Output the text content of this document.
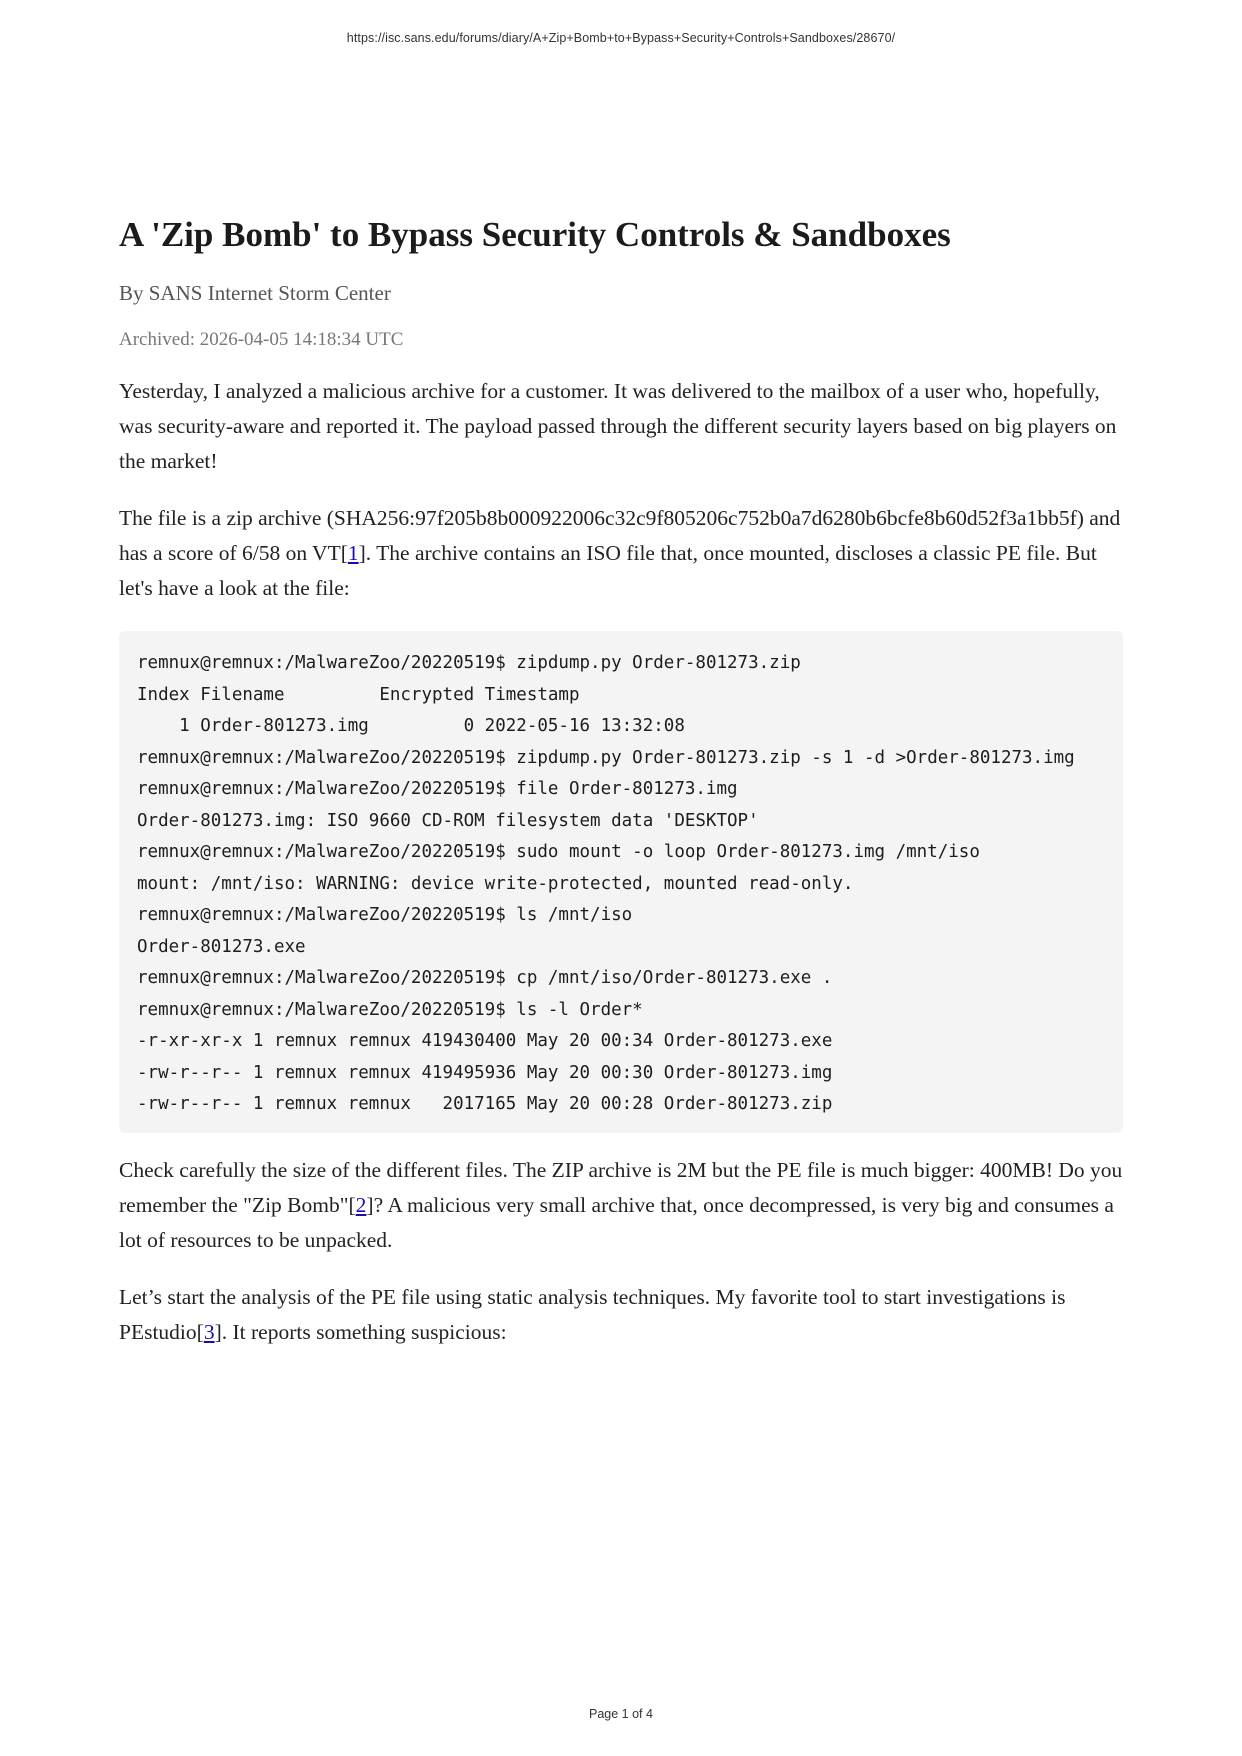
https://isc.sans.edu/forums/diary/A+Zip+Bomb+to+Bypass+Security+Controls+Sandboxes/28670/
A 'Zip Bomb' to Bypass Security Controls & Sandboxes
By SANS Internet Storm Center
Archived: 2026-04-05 14:18:34 UTC

Yesterday, I analyzed a malicious archive for a customer. It was delivered to the mailbox of a user who, hopefully, was security-aware and reported it. The payload passed through the different security layers based on big players on the market!

The file is a zip archive (SHA256:97f205b8b000922006c32c9f805206c752b0a7d6280b6bcfe8b60d52f3a1bb5f) and has a score of 6/58 on VT[1]. The archive contains an ISO file that, once mounted, discloses a classic PE file. But let's have a look at the file:

remnux@remnux:/MalwareZoo/20220519$ zipdump.py Order-801273.zip
Index Filename         Encrypted Timestamp
1 Order-801273.img         0 2022-05-16 13:32:08
remnux@remnux:/MalwareZoo/20220519$ zipdump.py Order-801273.zip -s 1 -d >Order-801273.img
remnux@remnux:/MalwareZoo/20220519$ file Order-801273.img
Order-801273.img: ISO 9660 CD-ROM filesystem data 'DESKTOP'
remnux@remnux:/MalwareZoo/20220519$ sudo mount -o loop Order-801273.img /mnt/iso
mount: /mnt/iso: WARNING: device write-protected, mounted read-only.
remnux@remnux:/MalwareZoo/20220519$ ls /mnt/iso
Order-801273.exe
remnux@remnux:/MalwareZoo/20220519$ cp /mnt/iso/Order-801273.exe .
remnux@remnux:/MalwareZoo/20220519$ ls -l Order*
-r-xr-xr-x 1 remnux remnux 419430400 May 20 00:34 Order-801273.exe
-rw-r--r-- 1 remnux remnux 419495936 May 20 00:30 Order-801273.img
-rw-r--r-- 1 remnux remnux   2017165 May 20 00:28 Order-801273.zip

Check carefully the size of the different files. The ZIP archive is 2M but the PE file is much bigger: 400MB! Do you remember the "Zip Bomb"[2]? A malicious very small archive that, once decompressed, is very big and consumes a lot of resources to be unpacked.

Let’s start the analysis of the PE file using static analysis techniques. My favorite tool to start investigations is PEstudio[3]. It reports something suspicious:

Page 1 of 4
